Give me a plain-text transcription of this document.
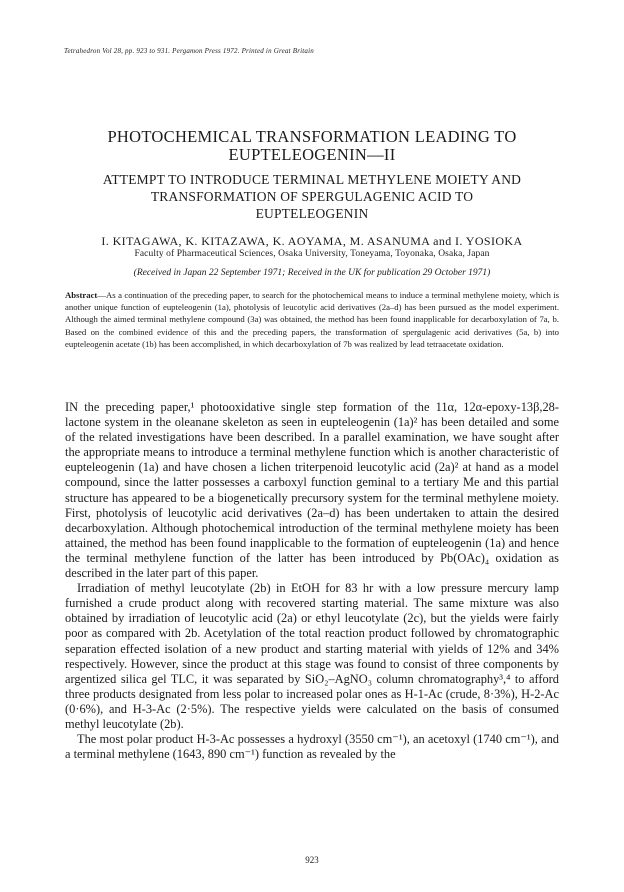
Tetrahedron Vol 28, pp. 923 to 931. Pergamon Press 1972. Printed in Great Britain
PHOTOCHEMICAL TRANSFORMATION LEADING TO
EUPTELEOGENIN—II
ATTEMPT TO INTRODUCE TERMINAL METHYLENE MOIETY AND
TRANSFORMATION OF SPERGULAGENIC ACID TO
EUPTELEOGENIN
I. KITAGAWA, K. KITAZAWA, K. AOYAMA, M. ASANUMA and I. YOSIOKA
Faculty of Pharmaceutical Sciences, Osaka University, Toneyama, Toyonaka, Osaka, Japan
(Received in Japan 22 September 1971; Received in the UK for publication 29 October 1971)

Abstract—As a continuation of the preceding paper, to search for the photochemical means to induce a terminal methylene moiety, which is another unique function of eupteleogenin (1a), photolysis of leucotylic acid derivatives (2a–d) has been pursued as the model experiment. Although the aimed terminal methylene compound (3a) was obtained, the method has been found inapplicable for decarboxylation of 7a, b. Based on the combined evidence of this and the preceding papers, the transformation of spergulagenic acid derivatives (5a, b) into eupteleogenin acetate (1b) has been accomplished, in which decarboxylation of 7b was realized by lead tetraacetate oxidation.

IN the preceding paper,¹ photooxidative single step formation of the 11α, 12α-epoxy-13β,28-lactone system in the oleanane skeleton as seen in eupteleogenin (1a)² has been detailed and some of the related investigations have been described. In a parallel examination, we have sought after the appropriate means to introduce a terminal methylene function which is another characteristic of eupteleogenin (1a) and have chosen a lichen triterpenoid leucotylic acid (2a)² at hand as a model compound, since the latter possesses a carboxyl function geminal to a tertiary Me and this partial structure has appeared to be a biogenetically precursory system for the terminal methylene moiety. First, photolysis of leucotylic acid derivatives (2a–d) has been undertaken to attain the desired decarboxylation. Although photochemical introduction of the terminal methylene moiety has been attained, the method has been found inapplicable to the formation of eupteleogenin (1a) and hence the terminal methylene function of the latter has been introduced by Pb(OAc)₄ oxidation as described in the later part of this paper.

Irradiation of methyl leucotylate (2b) in EtOH for 83 hr with a low pressure mercury lamp furnished a crude product along with recovered starting material. The same mixture was also obtained by irradiation of leucotylic acid (2a) or ethyl leucotylate (2c), but the yields were fairly poor as compared with 2b. Acetylation of the total reaction product followed by chromatographic separation effected isolation of a new product and starting material with yields of 12% and 34% respectively. However, since the product at this stage was found to consist of three components by argentized silica gel TLC, it was separated by SiO₂–AgNO₃ column chromatography³,⁴ to afford three products designated from less polar to increased polar ones as H-1-Ac (crude, 8·3%), H-2-Ac (0·6%), and H-3-Ac (2·5%). The respective yields were calculated on the basis of consumed methyl leucotylate (2b).

The most polar product H-3-Ac possesses a hydroxyl (3550 cm⁻¹), an acetoxyl (1740 cm⁻¹), and a terminal methylene (1643, 890 cm⁻¹) function as revealed by the

923
